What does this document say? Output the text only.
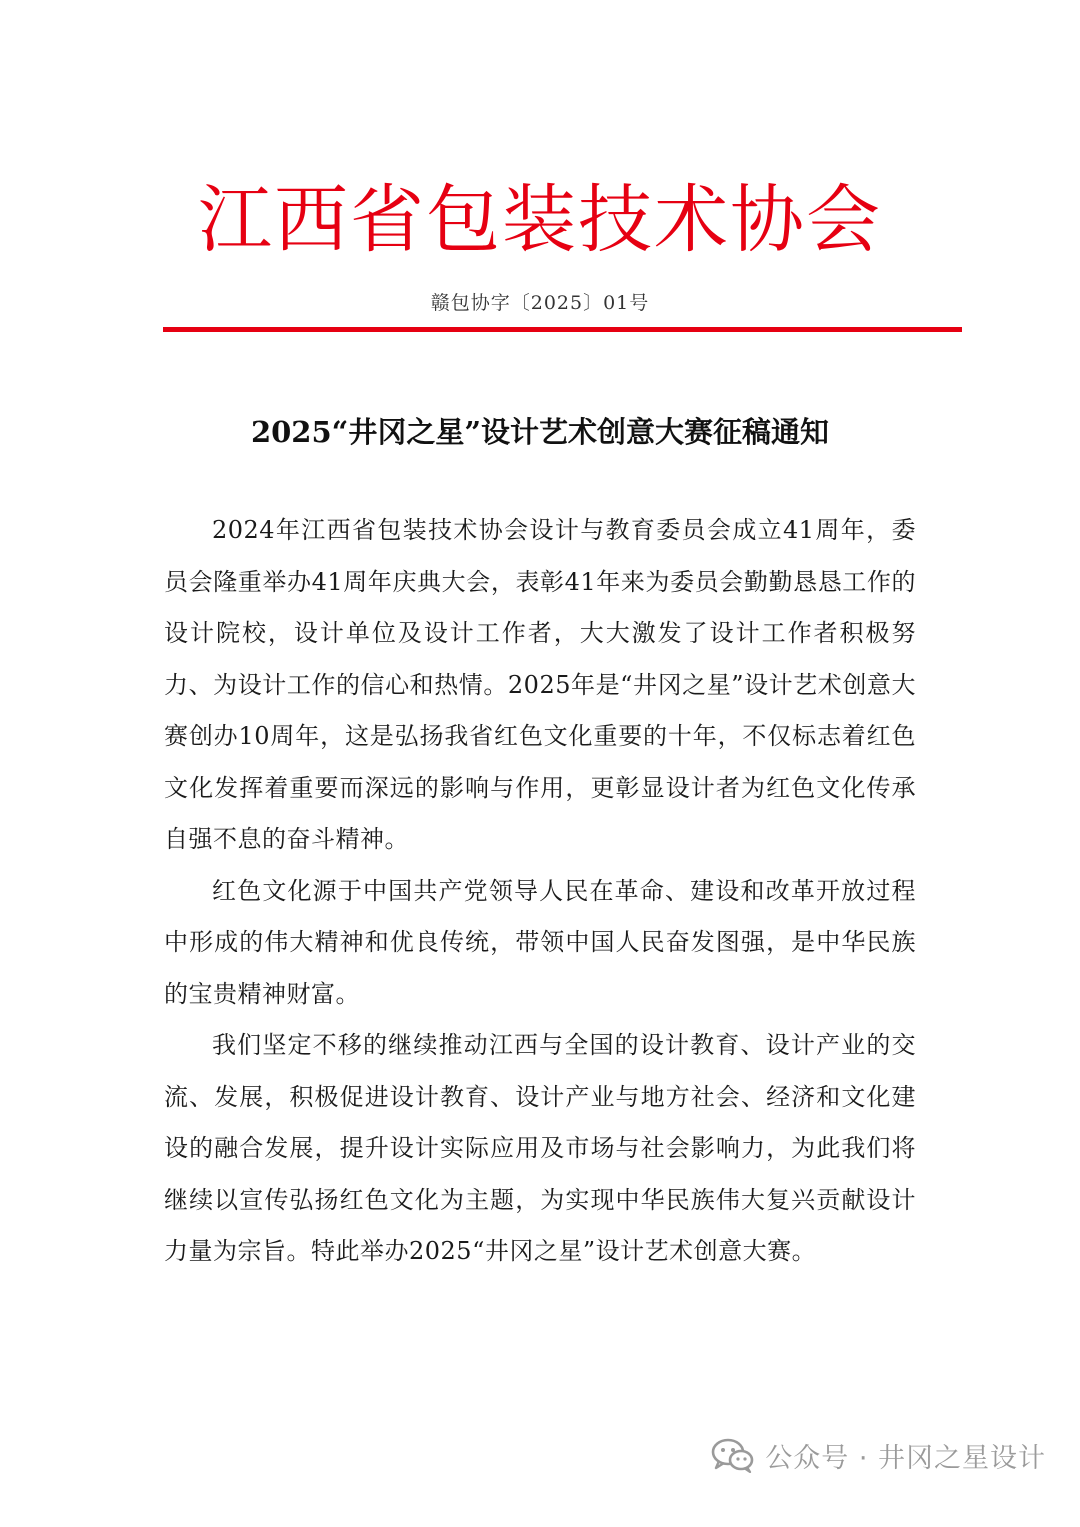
江西省包装技术协会
赣包协字〔2025〕01号
2025“井冈之星”设计艺术创意大赛征稿通知

2024年江西省包装技术协会设计与教育委员会成立41周年，委员会隆重举办41周年庆典大会，表彰41年来为委员会勤勤恳恳工作的设计院校，设计单位及设计工作者，大大激发了设计工作者积极努力、为设计工作的信心和热情。2025年是“井冈之星”设计艺术创意大赛创办10周年，这是弘扬我省红色文化重要的十年，不仅标志着红色文化发挥着重要而深远的影响与作用，更彰显设计者为红色文化传承自强不息的奋斗精神。

红色文化源于中国共产党领导人民在革命、建设和改革开放过程中形成的伟大精神和优良传统，带领中国人民奋发图强，是中华民族的宝贵精神财富。

我们坚定不移的继续推动江西与全国的设计教育、设计产业的交流、发展，积极促进设计教育、设计产业与地方社会、经济和文化建设的融合发展，提升设计实际应用及市场与社会影响力，为此我们将继续以宣传弘扬红色文化为主题，为实现中华民族伟大复兴贡献设计力量为宗旨。特此举办2025“井冈之星”设计艺术创意大赛。

公众号 · 井冈之星设计
